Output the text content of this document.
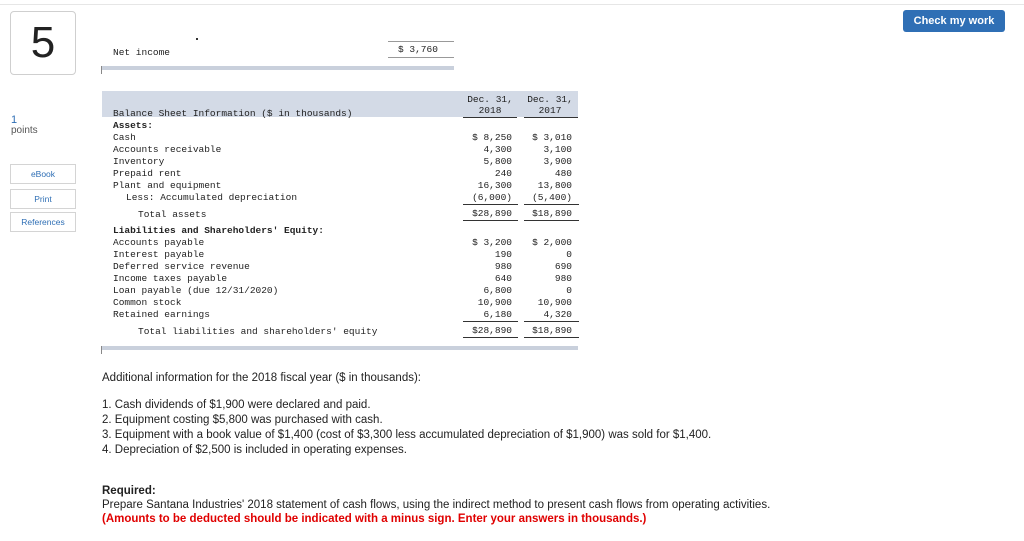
Check my work
5
1
points
eBook
Print
References
Net income	$ 3,760
Dec. 31,
2018
Dec. 31,
2017
Balance Sheet Information ($ in thousands)
Assets:
Cash	$ 8,250	$ 3,010
Accounts receivable	4,300	3,100
Inventory	5,800	3,900
Prepaid rent	240	480
Plant and equipment	16,300	13,800
Less: Accumulated depreciation	(6,000)	(5,400)
Total assets	$28,890	$18,890
Liabilities and Shareholders' Equity:
Accounts payable	$ 3,200	$ 2,000
Interest payable	190	0
Deferred service revenue	980	690
Income taxes payable	640	980
Loan payable (due 12/31/2020)	6,800	0
Common stock	10,900	10,900
Retained earnings	6,180	4,320
Total liabilities and shareholders' equity	$28,890	$18,890
Additional information for the 2018 fiscal year ($ in thousands):
1. Cash dividends of $1,900 were declared and paid.
2. Equipment costing $5,800 was purchased with cash.
3. Equipment with a book value of $1,400 (cost of $3,300 less accumulated depreciation of $1,900) was sold for $1,400.
4. Depreciation of $2,500 is included in operating expenses.
Required:
Prepare Santana Industries' 2018 statement of cash flows, using the indirect method to present cash flows from operating activities.
(Amounts to be deducted should be indicated with a minus sign. Enter your answers in thousands.)
